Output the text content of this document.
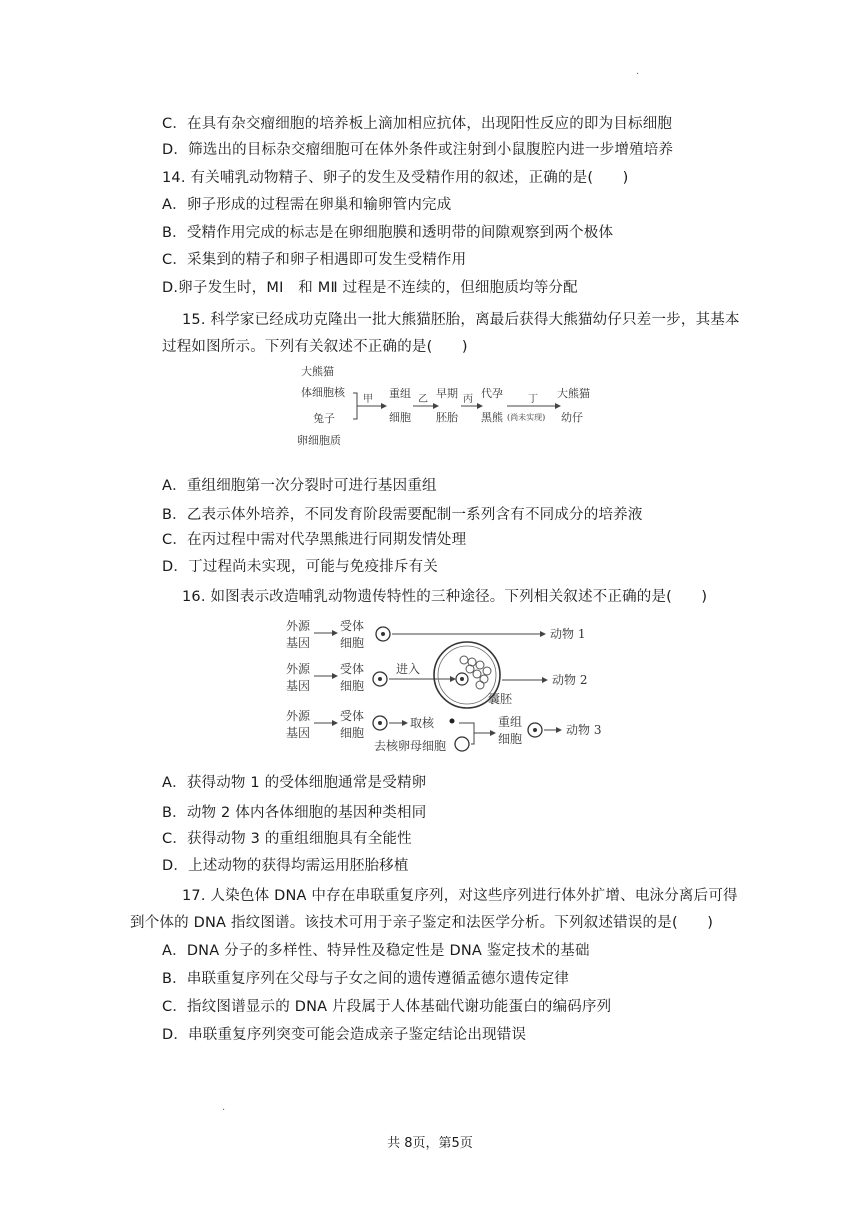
.
C．在具有杂交瘤细胞的培养板上滴加相应抗体，出现阳性反应的即为目标细胞
D．筛选出的目标杂交瘤细胞可在体外条件或注射到小鼠腹腔内进一步增殖培养
14. 有关哺乳动物精子、卵子的发生及受精作用的叙述，正确的是(　　)
A．卵子形成的过程需在卵巢和输卵管内完成
B．受精作用完成的标志是在卵细胞膜和透明带的间隙观察到两个极体
C．采集到的精子和卵子相遇即可发生受精作用
D.卵子发生时，MⅠ　和 MⅡ 过程是不连续的，但细胞质均等分配
15. 科学家已经成功克隆出一批大熊猫胚胎，离最后获得大熊猫幼仔只差一步，其基本
过程如图所示。下列有关叙述不正确的是(　　)
大熊猫
体细胞核
兔子
卵细胞质
甲 重组
细胞
乙 早期
胚胎
丙 代孕
黑熊
丁
(尚未实现)
大熊猫
幼仔
A．重组细胞第一次分裂时可进行基因重组
B．乙表示体外培养，不同发育阶段需要配制一系列含有不同成分的培养液
C．在丙过程中需对代孕黑熊进行同期发情处理
D．丁过程尚未实现，可能与免疫排斥有关
16. 如图表示改造哺乳动物遗传特性的三种途径。下列相关叙述不正确的是(　　)
外源
基因
受体
细胞
动物 1
外源
基因
受体
细胞
进入
囊胚
动物 2
外源
基因
受体
细胞
取核
去核卵母细胞
重组
细胞
动物 3
A．获得动物 1 的受体细胞通常是受精卵
B．动物 2 体内各体细胞的基因种类相同
C．获得动物 3 的重组细胞具有全能性
D．上述动物的获得均需运用胚胎移植
17. 人染色体 DNA 中存在串联重复序列，对这些序列进行体外扩增、电泳分离后可得
到个体的 DNA 指纹图谱。该技术可用于亲子鉴定和法医学分析。下列叙述错误的是(　　)
A．DNA 分子的多样性、特异性及稳定性是 DNA 鉴定技术的基础
B．串联重复序列在父母与子女之间的遗传遵循孟德尔遗传定律
C．指纹图谱显示的 DNA 片段属于人体基础代谢功能蛋白的编码序列
D．串联重复序列突变可能会造成亲子鉴定结论出现错误
.
共 8页，第5页
